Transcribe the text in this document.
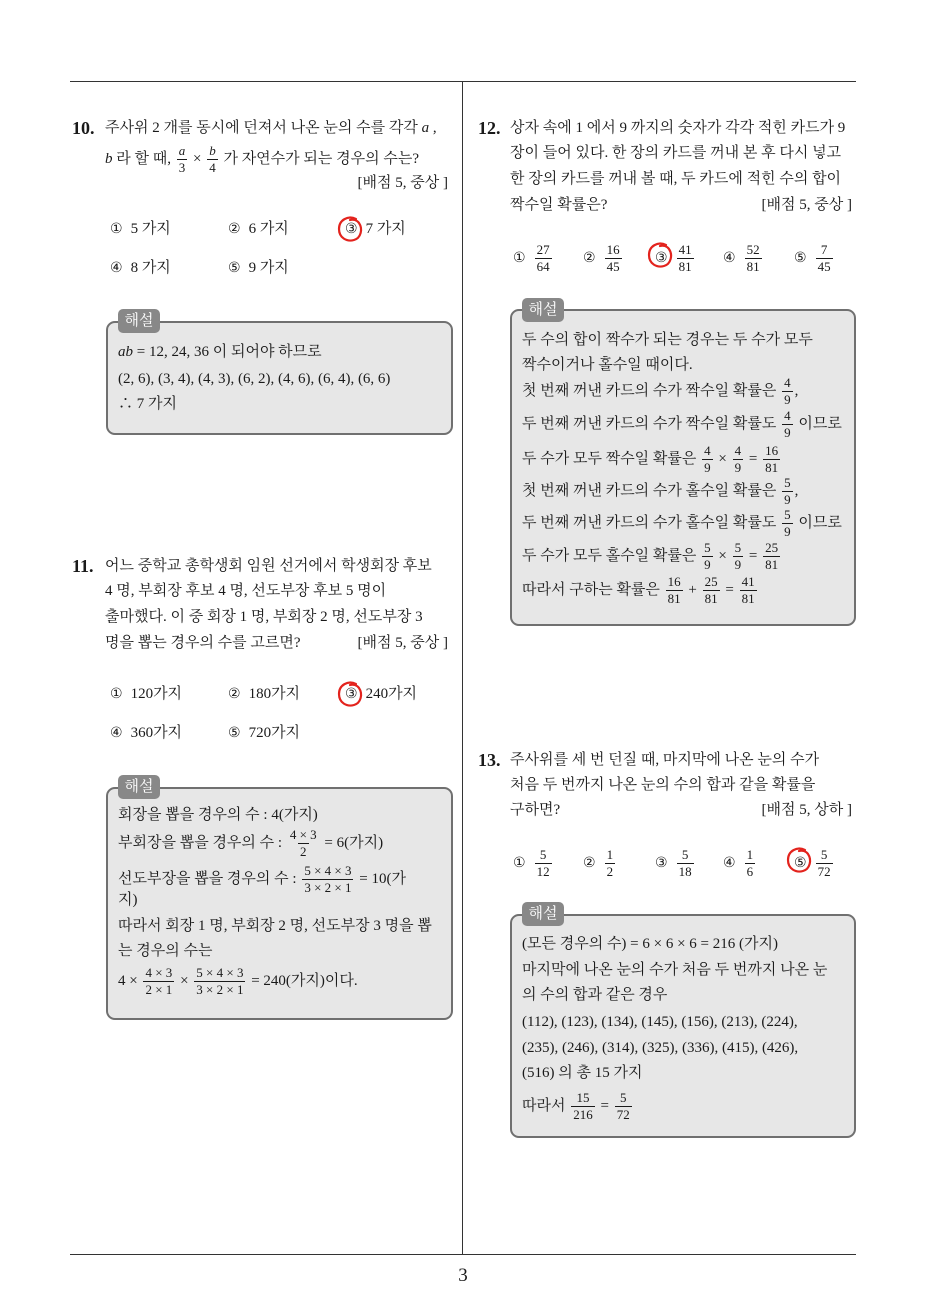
10. 주사위 2 개를 동시에 던져서 나온 눈의 수를 각각 a ,
b 라 할 때, $\frac{a}{3} \times \frac{b}{4}$ 가 자연수가 되는 경우의 수는?
[배점 5, 중상 ]
① 5 가지	② 6 가지	③ 7 가지
④ 8 가지	⑤ 9 가지
해설
ab = 12, 24, 36 이 되어야 하므로
(2, 6), (3, 4), (4, 3), (6, 2), (4, 6), (6, 4), (6, 6)
∴ 7 가지
11. 어느 중학교 총학생회 임원 선거에서 학생회장 후보
4 명, 부회장 후보 4 명, 선도부장 후보 5 명이
출마했다. 이 중 회장 1 명, 부회장 2 명, 선도부장 3
명을 뽑는 경우의 수를 고르면?	[배점 5, 중상 ]
① 120가지	② 180가지	③ 240가지
④ 360가지	⑤ 720가지
해설
회장을 뽑을 경우의 수 : 4(가지)
부회장을 뽑을 경우의 수 : $\frac{4 \times 3}{2} = 6$(가지)
선도부장을 뽑을 경우의 수 : $\frac{5 \times 4 \times 3}{3 \times 2 \times 1} = 10$(가
지)
따라서 회장 1 명, 부회장 2 명, 선도부장 3 명을 뽑
는 경우의 수는
$4 \times \frac{4 \times 3}{2 \times 1} \times \frac{5 \times 4 \times 3}{3 \times 2 \times 1} = 240$(가지)이다.
12. 상자 속에 1 에서 9 까지의 숫자가 각각 적힌 카드가 9
장이 들어 있다. 한 장의 카드를 꺼내 본 후 다시 넣고
한 장의 카드를 꺼내 볼 때, 두 카드에 적힌 수의 합이
짝수일 확률은?	[배점 5, 중상 ]
① $\frac{27}{64}$ ② $\frac{16}{45}$ ③ $\frac{41}{81}$ ④ $\frac{52}{81}$ ⑤ $\frac{7}{45}$
해설
두 수의 합이 짝수가 되는 경우는 두 수가 모두
짝수이거나 홀수일 때이다.
첫 번째 꺼낸 카드의 수가 짝수일 확률은 $\frac{4}{9}$ ,
두 번째 꺼낸 카드의 수가 짝수일 확률도 $\frac{4}{9}$ 이므로
두 수가 모두 짝수일 확률은 $\frac{4}{9} \times \frac{4}{9} = \frac{16}{81}$
첫 번째 꺼낸 카드의 수가 홀수일 확률은 $\frac{5}{9}$ ,
두 번째 꺼낸 카드의 수가 홀수일 확률도 $\frac{5}{9}$ 이므로
두 수가 모두 홀수일 확률은 $\frac{5}{9} \times \frac{5}{9} = \frac{25}{81}$
따라서 구하는 확률은 $\frac{16}{81} + \frac{25}{81} = \frac{41}{81}$
13. 주사위를 세 번 던질 때, 마지막에 나온 눈의 수가
처음 두 번까지 나온 눈의 수의 합과 같을 확률을
구하면?	[배점 5, 상하 ]
① $\frac{5}{12}$ ② $\frac{1}{2}$	③ $\frac{5}{18}$ ④ $\frac{1}{6}$	⑤ $\frac{5}{72}$
해설
(모든 경우의 수) = 6 × 6 × 6 = 216 (가지)
마지막에 나온 눈의 수가 처음 두 번까지 나온 눈
의 수의 합과 같은 경우
(112), (123), (134), (145), (156), (213), (224),
(235), (246), (314), (325), (336), (415), (426),
(516) 의 총 15 가지
따라서 $\frac{15}{216} = \frac{5}{72}$
3
